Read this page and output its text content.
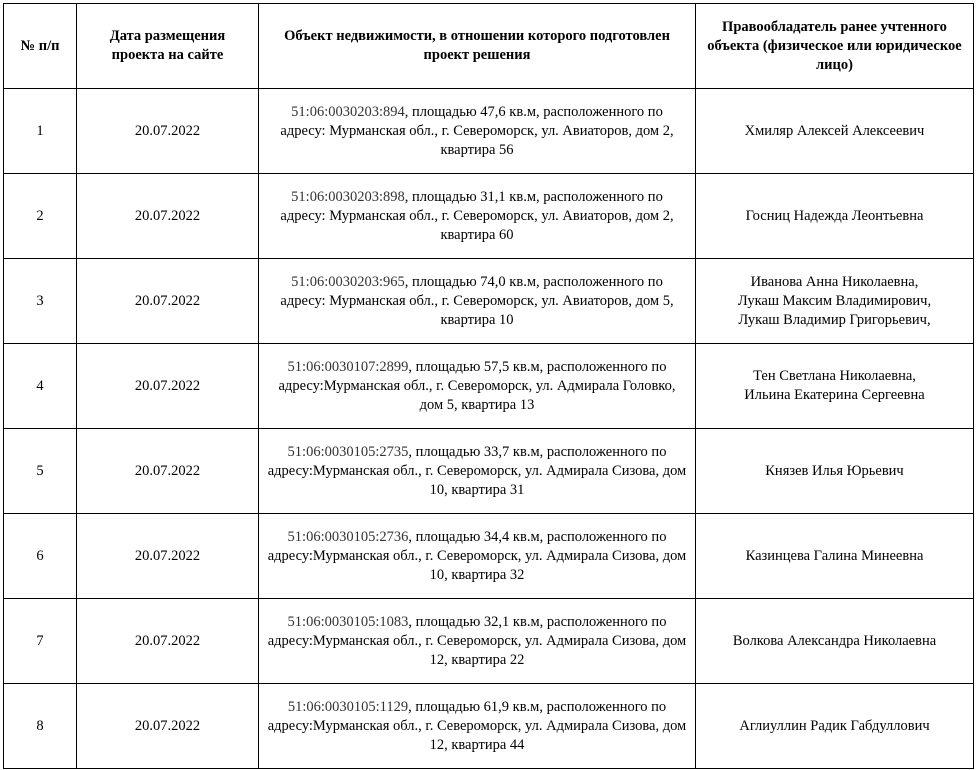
№ п/п	Дата размещения проекта на сайте	Объект недвижимости, в отношении которого подготовлен проект решения	Правообладатель ранее учтенного объекта (физическое или юридическое лицо)
1	20.07.2022	51:06:0030203:894, площадью 47,6 кв.м, расположенного по адресу: Мурманская обл., г. Североморск, ул. Авиаторов, дом 2, квартира 56	Хмиляр Алексей Алексеевич

2	20.07.2022	51:06:0030203:898, площадью 31,1 кв.м, расположенного по адресу: Мурманская обл., г. Североморск, ул. Авиаторов, дом 2, квартира 60	Госниц Надежда Леонтьевна

3	20.07.2022	51:06:0030203:965, площадью 74,0 кв.м, расположенного по адресу: Мурманская обл., г. Североморск, ул. Авиаторов, дом 5, квартира 10	Иванова Анна Николаевна,
Лукаш Максим Владимирович,
Лукаш Владимир Григорьевич,

4	20.07.2022	51:06:0030107:2899, площадью 57,5 кв.м, расположенного по адресу:Мурманская обл., г. Североморск, ул. Адмирала Головко, дом 5, квартира 13	Тен Светлана Николаевна,
Ильина Екатерина Сергеевна

5	20.07.2022	51:06:0030105:2735, площадью 33,7 кв.м, расположенного по адресу:Мурманская обл., г. Североморск, ул. Адмирала Сизова, дом 10, квартира 31	Князев Илья Юрьевич

6	20.07.2022	51:06:0030105:2736, площадью 34,4 кв.м, расположенного по адресу:Мурманская обл., г. Североморск, ул. Адмирала Сизова, дом 10, квартира 32	Казинцева Галина Минеевна

7	20.07.2022	51:06:0030105:1083, площадью 32,1 кв.м, расположенного по адресу:Мурманская обл., г. Североморск, ул. Адмирала Сизова, дом 12, квартира 22	Волкова Александра Николаевна

8	20.07.2022	51:06:0030105:1129, площадью 61,9 кв.м, расположенного по адресу:Мурманская обл., г. Североморск, ул. Адмирала Сизова, дом 12, квартира 44	Аглиуллин Радик Габдуллович
